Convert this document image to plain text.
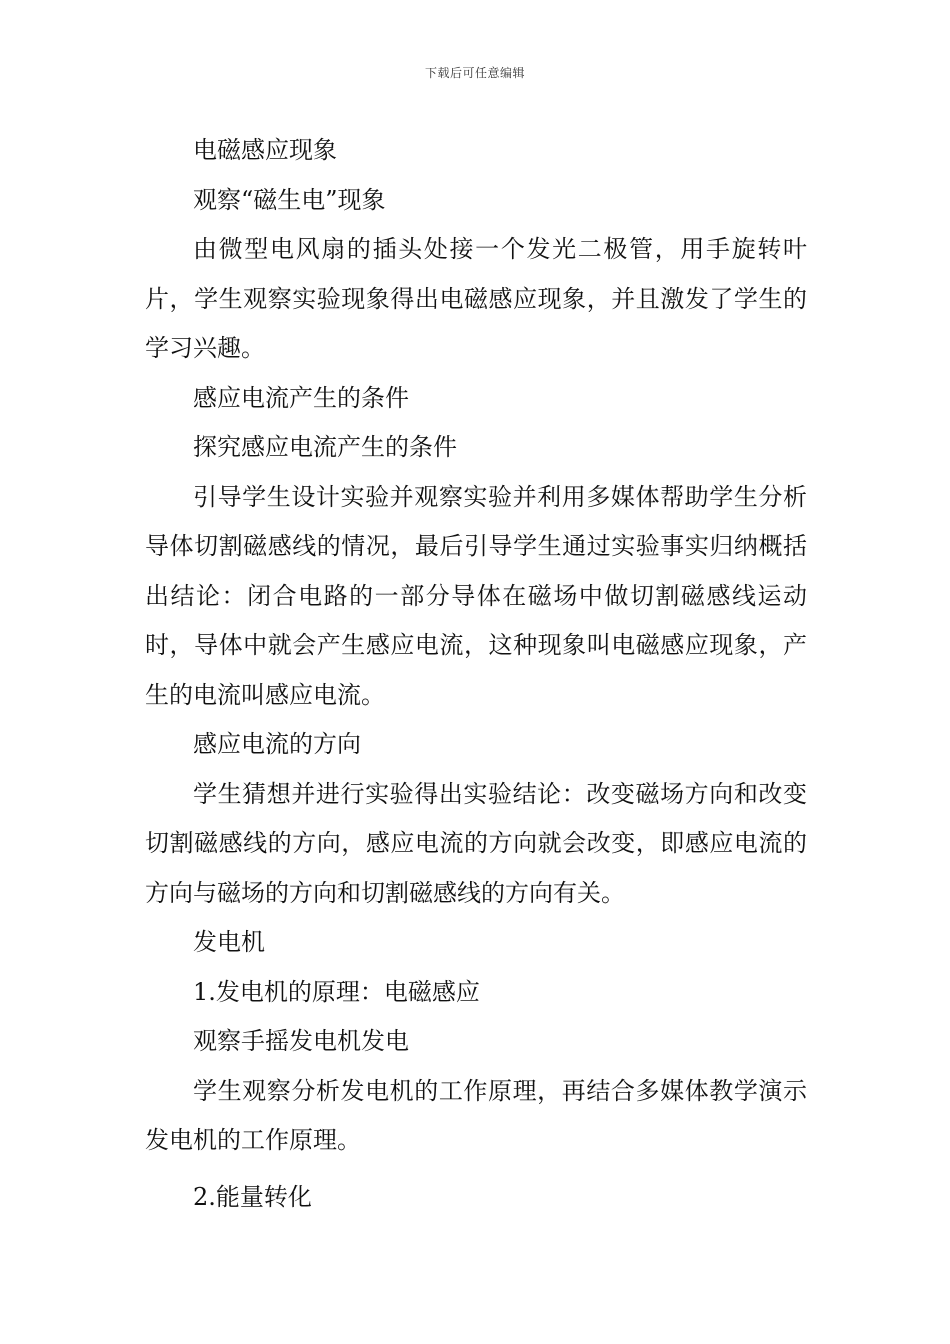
下载后可任意编辑

电磁感应现象

观察“磁生电”现象

由微型电风扇的插头处接一个发光二极管，用手旋转叶片，学生观察实验现象得出电磁感应现象，并且激发了学生的学习兴趣。

感应电流产生的条件

探究感应电流产生的条件

引导学生设计实验并观察实验并利用多媒体帮助学生分析导体切割磁感线的情况，最后引导学生通过实验事实归纳概括出结论：闭合电路的一部分导体在磁场中做切割磁感线运动时，导体中就会产生感应电流，这种现象叫电磁感应现象，产生的电流叫感应电流。

感应电流的方向

学生猜想并进行实验得出实验结论：改变磁场方向和改变切割磁感线的方向，感应电流的方向就会改变，即感应电流的方向与磁场的方向和切割磁感线的方向有关。

发电机

1.发电机的原理：电磁感应

观察手摇发电机发电

学生观察分析发电机的工作原理，再结合多媒体教学演示发电机的工作原理。

2.能量转化
